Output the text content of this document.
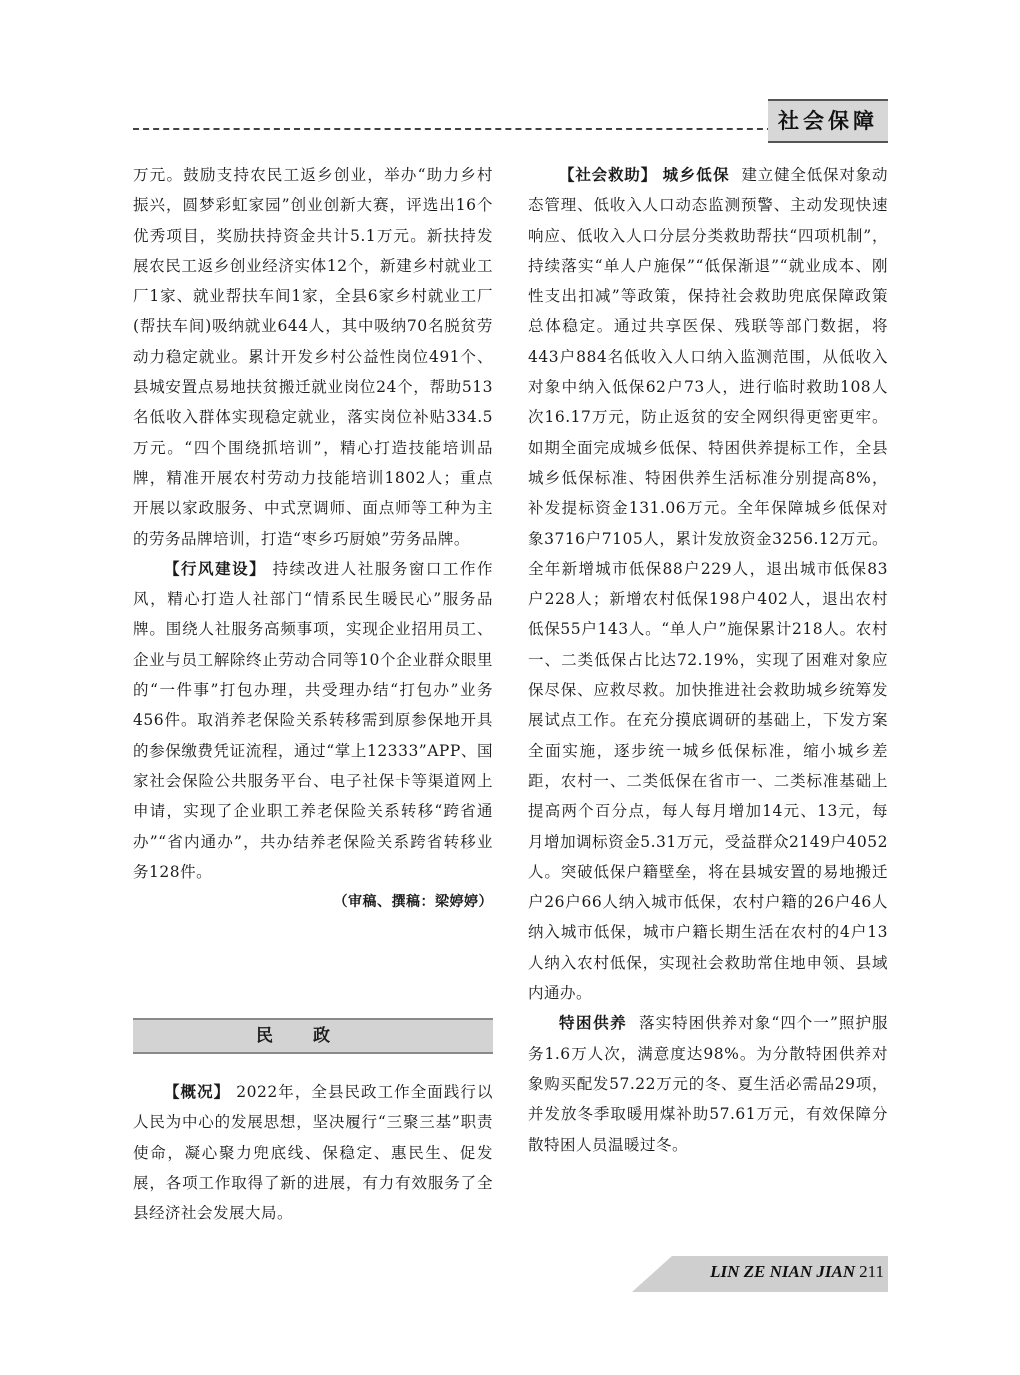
社会保障

万元。鼓励支持农民工返乡创业，举办“助力乡村振兴，圆梦彩虹家园”创业创新大赛，评选出16个优秀项目，奖励扶持资金共计5.1万元。新扶持发展农民工返乡创业经济实体12个，新建乡村就业工厂1家、就业帮扶车间1家，全县6家乡村就业工厂(帮扶车间)吸纳就业644人，其中吸纳70名脱贫劳动力稳定就业。累计开发乡村公益性岗位491个、县城安置点易地扶贫搬迁就业岗位24个，帮助513名低收入群体实现稳定就业，落实岗位补贴334.5万元。“四个围绕抓培训”，精心打造技能培训品牌，精准开展农村劳动力技能培训1802人；重点开展以家政服务、中式烹调师、面点师等工种为主的劳务品牌培训，打造“枣乡巧厨娘”劳务品牌。

【行风建设】 持续改进人社服务窗口工作作风，精心打造人社部门“情系民生暖民心”服务品牌。围绕人社服务高频事项，实现企业招用员工、企业与员工解除终止劳动合同等10个企业群众眼里的“一件事”打包办理，共受理办结“打包办”业务456件。取消养老保险关系转移需到原参保地开具的参保缴费凭证流程，通过“掌上12333”APP、国家社会保险公共服务平台、电子社保卡等渠道网上申请，实现了企业职工养老保险关系转移“跨省通办”“省内通办”，共办结养老保险关系跨省转移业务128件。

（审稿、撰稿：梁婷婷）

民政

【概况】 2022年，全县民政工作全面践行以人民为中心的发展思想，坚决履行“三聚三基”职责使命，凝心聚力兜底线、保稳定、惠民生、促发展，各项工作取得了新的进展，有力有效服务了全县经济社会发展大局。

【社会救助】 城乡低保 建立健全低保对象动态管理、低收入人口动态监测预警、主动发现快速响应、低收入人口分层分类救助帮扶“四项机制”，持续落实“单人户施保”“低保渐退”“就业成本、刚性支出扣减”等政策，保持社会救助兜底保障政策总体稳定。通过共享医保、残联等部门数据，将443户884名低收入人口纳入监测范围，从低收入对象中纳入低保62户73人，进行临时救助108人次16.17万元，防止返贫的安全网织得更密更牢。如期全面完成城乡低保、特困供养提标工作，全县城乡低保标准、特困供养生活标准分别提高8%，补发提标资金131.06万元。全年保障城乡低保对象3716户7105人，累计发放资金3256.12万元。全年新增城市低保88户229人，退出城市低保83户228人；新增农村低保198户402人，退出农村低保55户143人。“单人户”施保累计218人。农村一、二类低保占比达72.19%，实现了困难对象应保尽保、应救尽救。加快推进社会救助城乡统筹发展试点工作。在充分摸底调研的基础上，下发方案全面实施，逐步统一城乡低保标准，缩小城乡差距，农村一、二类低保在省市一、二类标准基础上提高两个百分点，每人每月增加14元、13元，每月增加调标资金5.31万元，受益群众2149户4052人。突破低保户籍壁垒，将在县城安置的易地搬迁户26户66人纳入城市低保，农村户籍的26户46人纳入城市低保，城市户籍长期生活在农村的4户13人纳入农村低保，实现社会救助常住地申领、县域内通办。

特困供养 落实特困供养对象“四个一”照护服务1.6万人次，满意度达98%。为分散特困供养对象购买配发57.22万元的冬、夏生活必需品29项，并发放冬季取暖用煤补助57.61万元，有效保障分散特困人员温暖过冬。

LIN ZE NIAN JIAN 211
